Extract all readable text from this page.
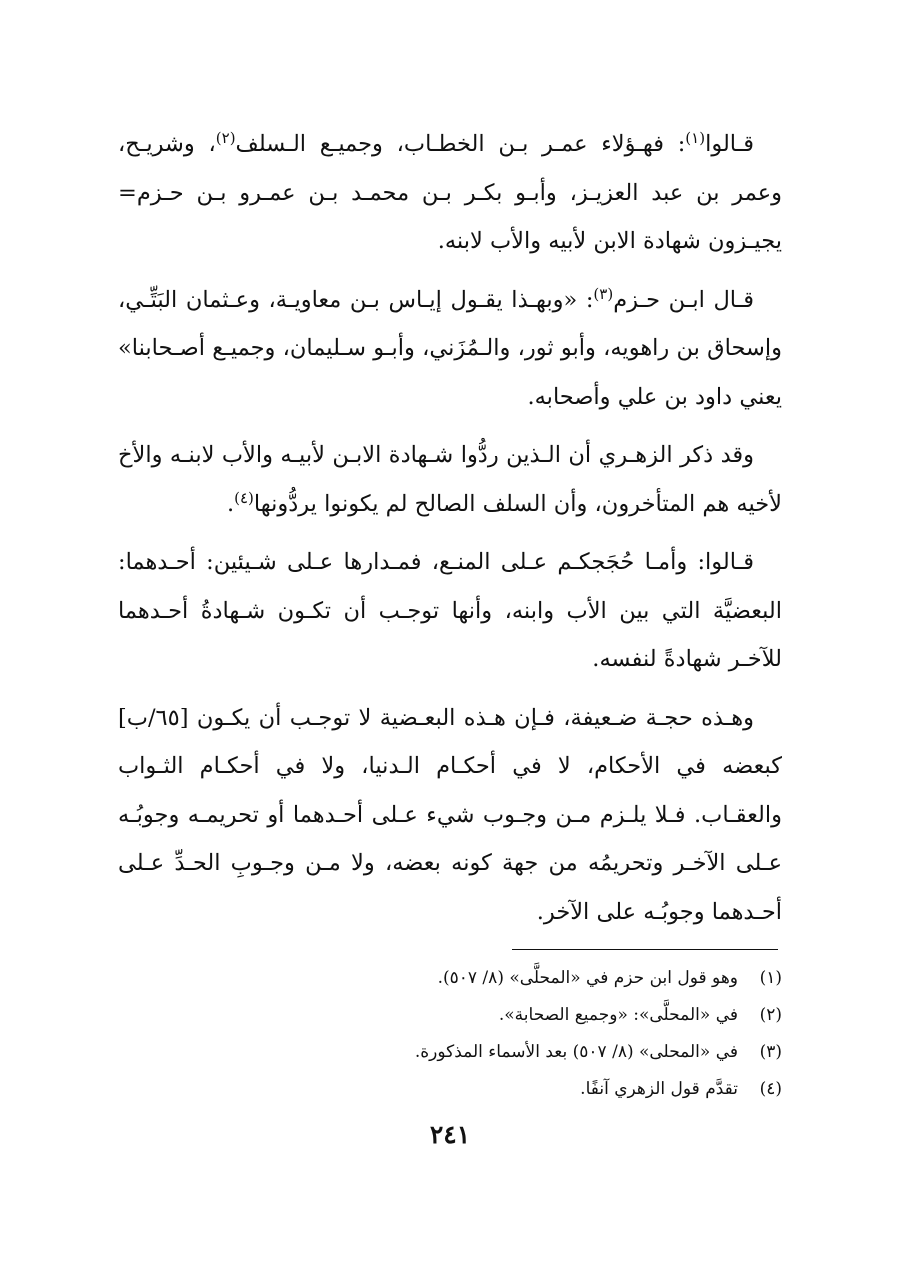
قـالوا$^{(١)}$: فهـؤلاء عمـر بـن الخطـاب، وجميـع الـسلف$^{(٢)}$، وشريـح، وعمر بن عبد العزيـز، وأبـو بكـر بـن محمـد بـن عمـرو بـن حـزم= يجيـزون شهادة الابن لأبيه والأب لابنه.

قـال ابـن حـزم$^{(٣)}$: «وبهـذا يقـول إيـاس بـن معاويـة، وعـثمان البَتِّـي، وإسحاق بن راهويه، وأبو ثور، والـمُزَني، وأبـو سـليمان، وجميـع أصـحابنا» يعني داود بن علي وأصحابه.

وقد ذكر الزهـري أن الـذين ردُّوا شـهادة الابـن لأبيـه والأب لابنـه والأخ لأخيه هم المتأخرون، وأن السلف الصالح لم يكونوا يردُّونها$^{(٤)}$.

قـالوا: وأمـا حُجَجكـم عـلى المنـع، فمـدارها عـلى شـيئين: أحـدهما: البعضيَّة التي بين الأب وابنه، وأنها توجـب أن تكـون شـهادةُ أحـدهما للآخـر شهادةً لنفسه.

وهـذه حجـة ضـعيفة، فـإن هـذه البعـضية لا توجـب أن يكـون [٦٥/ب] كبعضه في الأحكام، لا في أحكـام الـدنيا، ولا في أحكـام الثـواب والعقـاب. فـلا يلـزم مـن وجـوب شيء عـلى أحـدهما أو تحريمـه وجوبُـه عـلى الآخـر وتحريمُه من جهة كونه بعضه، ولا مـن وجـوبِ الحـدِّ عـلى أحـدهما وجوبُـه على الآخر.

(١)
وهو قول ابن حزم في «المحلَّى» (٨/ ٥٠٧).
(٢)
في «المحلَّى»: «وجميع الصحابة».
(٣)
في «المحلى» (٨/ ٥٠٧) بعد الأسماء المذكورة.
(٤)
تقدَّم قول الزهري آنفًا.
٢٤١
